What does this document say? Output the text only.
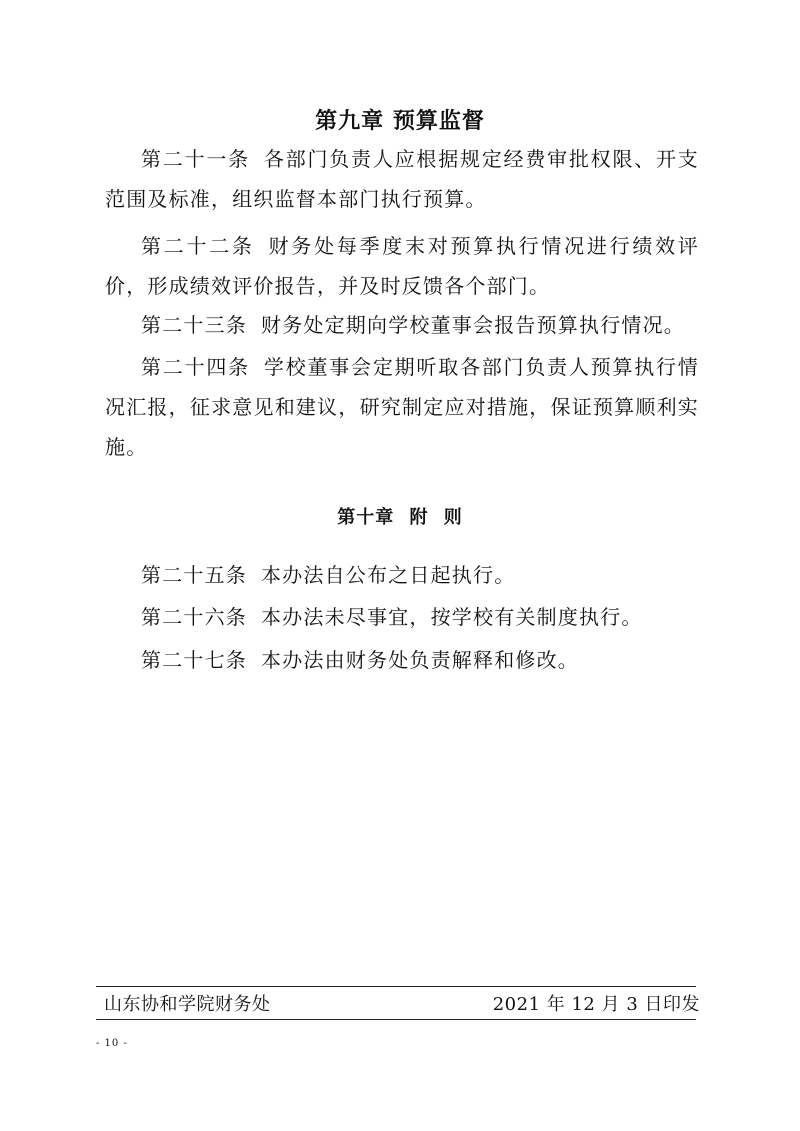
第九章 预算监督
第二十一条 各部门负责人应根据规定经费审批权限、开支范围及标准，组织监督本部门执行预算。
第二十二条 财务处每季度末对预算执行情况进行绩效评价，形成绩效评价报告，并及时反馈各个部门。
第二十三条 财务处定期向学校董事会报告预算执行情况。
第二十四条 学校董事会定期听取各部门负责人预算执行情况汇报，征求意见和建议，研究制定应对措施，保证预算顺利实施。
第十章 附 则
第二十五条 本办法自公布之日起执行。
第二十六条 本办法未尽事宜，按学校有关制度执行。
第二十七条 本办法由财务处负责解释和修改。
山东协和学院财务处	2021 年 12 月 3 日印发
- 10 -
